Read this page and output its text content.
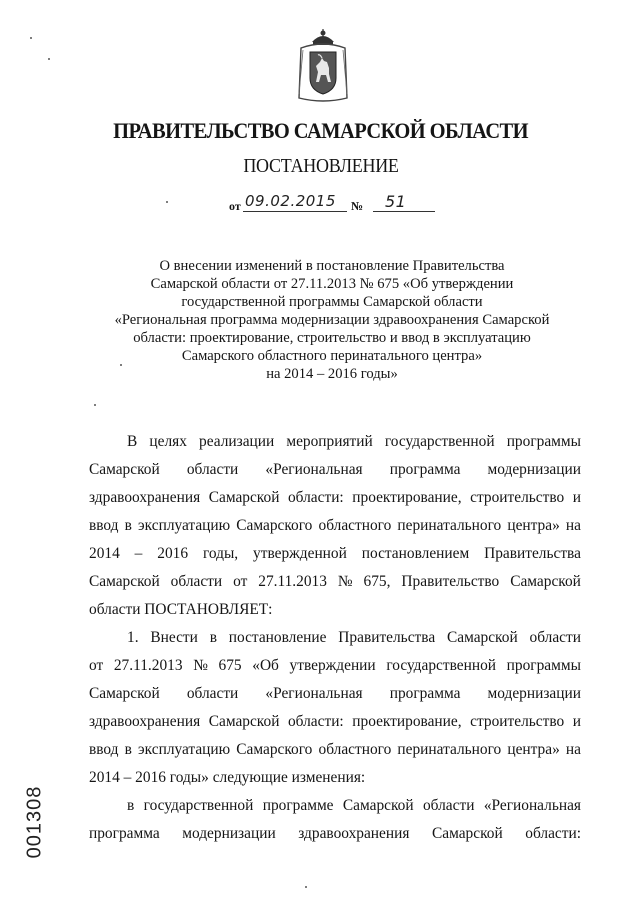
ПРАВИТЕЛЬСТВО САМАРСКОЙ ОБЛАСТИ
ПОСТАНОВЛЕНИЕ
от 09.02.2015 № 51
О внесении изменений в постановление Правительства
Самарской области от 27.11.2013 № 675 «Об утверждении
государственной программы Самарской области
«Региональная программа модернизации здравоохранения Самарской
области: проектирование, строительство и ввод в эксплуатацию
Самарского областного перинатального центра»
на 2014 – 2016 годы»
В целях реализации мероприятий государственной программы
Самарской области «Региональная программа модернизации
здравоохранения Самарской области: проектирование, строительство и
ввод в эксплуатацию Самарского областного перинатального центра» на
2014 – 2016 годы, утвержденной постановлением Правительства
Самарской области от 27.11.2013 № 675, Правительство Самарской
области ПОСТАНОВЛЯЕТ:
1. Внести в постановление Правительства Самарской области
от 27.11.2013 № 675 «Об утверждении государственной программы
Самарской области «Региональная программа модернизации
здравоохранения Самарской области: проектирование, строительство и
ввод в эксплуатацию Самарского областного перинатального центра» на
2014 – 2016 годы» следующие изменения:
в государственной программе Самарской области «Региональная
программа модернизации здравоохранения Самарской области:
001308
